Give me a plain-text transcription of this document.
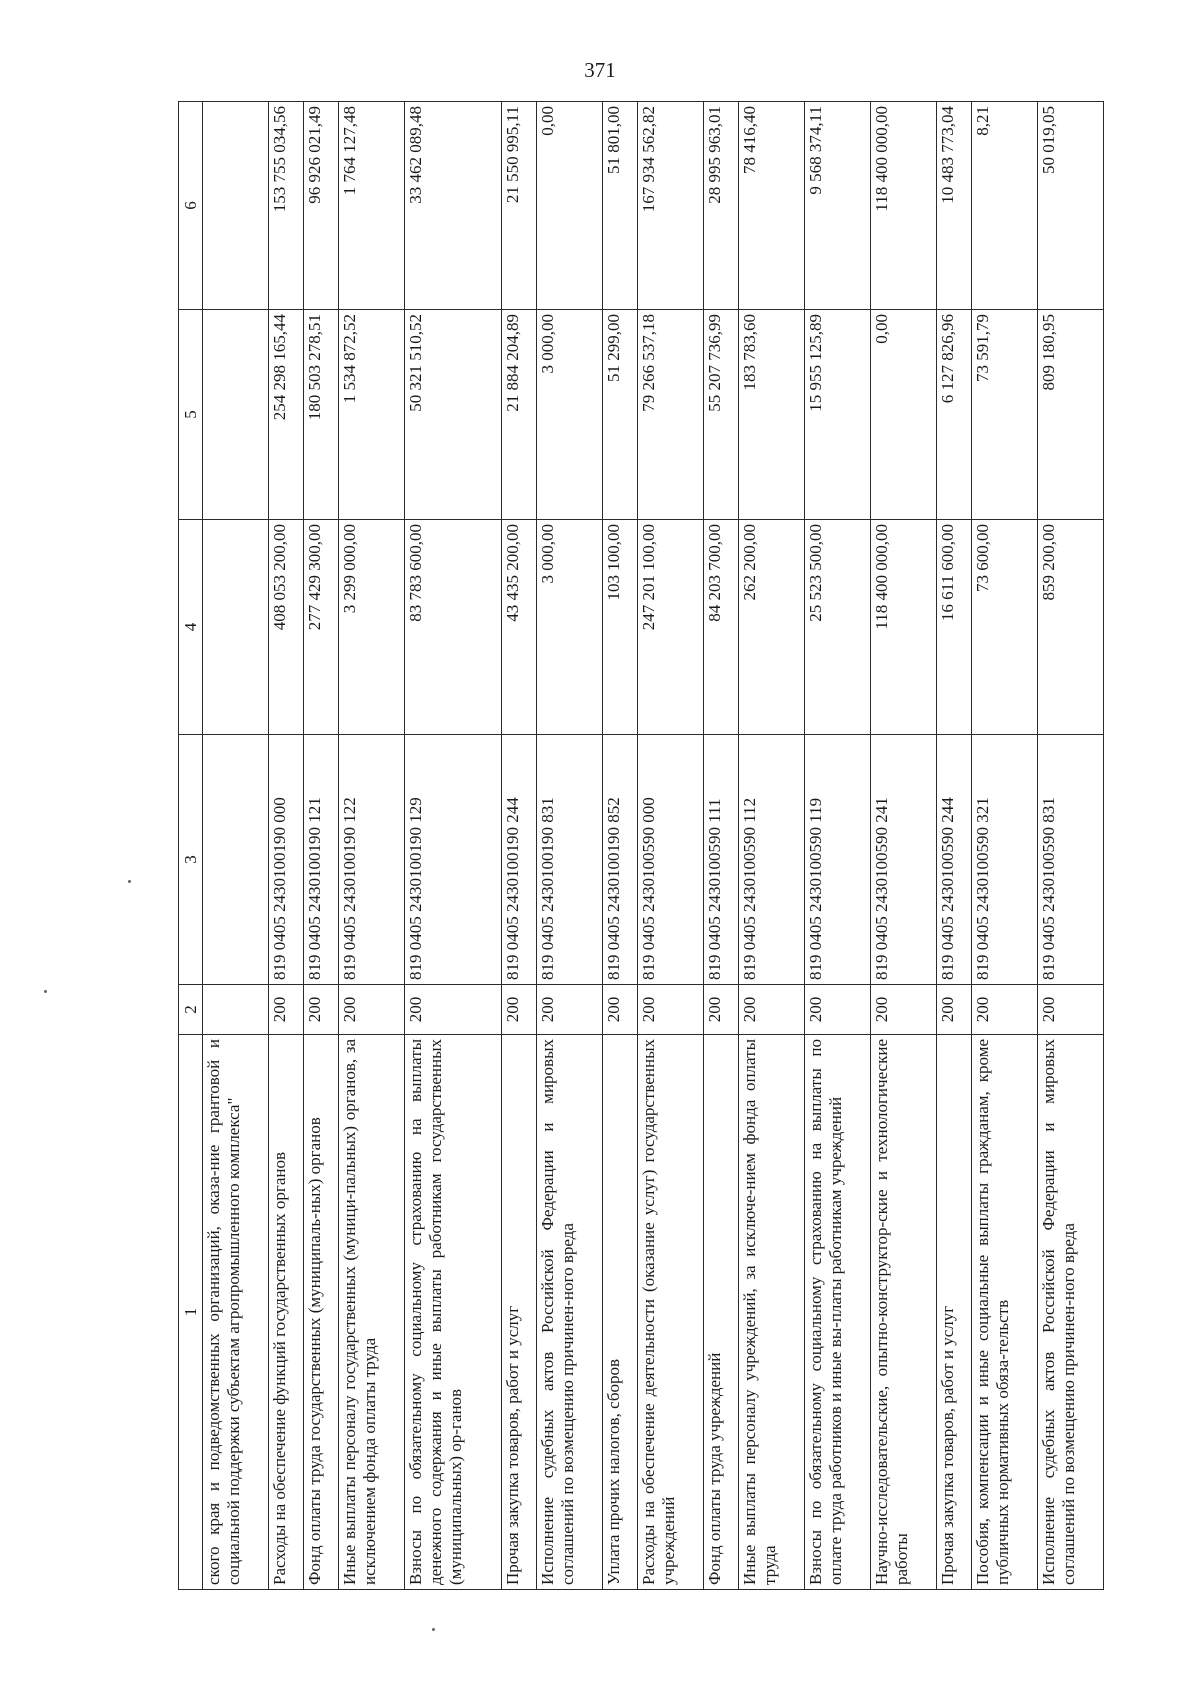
371
1	2	3	4	5	6
ского края и подведомственных организаций, оказа-ние грантовой и социальной поддержки субъектам агропромышленного комплекса"					
Расходы на обеспечение функций государственных органов	200	819 0405 2430100190 000	408 053 200,00	254 298 165,44	153 755 034,56
Фонд оплаты труда государственных (муниципаль-ных) органов	200	819 0405 2430100190 121	277 429 300,00	180 503 278,51	96 926 021,49
Иные выплаты персоналу государственных (муници-пальных) органов, за исключением фонда оплаты труда	200	819 0405 2430100190 122	3 299 000,00	1 534 872,52	1 764 127,48
Взносы по обязательному социальному страхованию на выплаты денежного содержания и иные выплаты работникам государственных (муниципальных) ор-ганов	200	819 0405 2430100190 129	83 783 600,00	50 321 510,52	33 462 089,48
Прочая закупка товаров, работ и услуг	200	819 0405 2430100190 244	43 435 200,00	21 884 204,89	21 550 995,11
Исполнение судебных актов Российской Федерации и мировых соглашений по возмещению причинен-ного вреда	200	819 0405 2430100190 831	3 000,00	3 000,00	0,00
Уплата прочих налогов, сборов	200	819 0405 2430100190 852	103 100,00	51 299,00	51 801,00
Расходы на обеспечение деятельности (оказание услуг) государственных учреждений	200	819 0405 2430100590 000	247 201 100,00	79 266 537,18	167 934 562,82
Фонд оплаты труда учреждений	200	819 0405 2430100590 111	84 203 700,00	55 207 736,99	28 995 963,01
Иные выплаты персоналу учреждений, за исключе-нием фонда оплаты труда	200	819 0405 2430100590 112	262 200,00	183 783,60	78 416,40
Взносы по обязательному социальному страхованию на выплаты по оплате труда работников и иные вы-платы работникам учреждений	200	819 0405 2430100590 119	25 523 500,00	15 955 125,89	9 568 374,11
Научно-исследовательские, опытно-конструктор-ские и технологические работы	200	819 0405 2430100590 241	118 400 000,00	0,00	118 400 000,00
Прочая закупка товаров, работ и услуг	200	819 0405 2430100590 244	16 611 600,00	6 127 826,96	10 483 773,04
Пособия, компенсации и иные социальные выплаты гражданам, кроме публичных нормативных обяза-тельств	200	819 0405 2430100590 321	73 600,00	73 591,79	8,21
Исполнение судебных актов Российской Федерации и мировых соглашений по возмещению причинен-ного вреда	200	819 0405 2430100590 831	859 200,00	809 180,95	50 019,05
